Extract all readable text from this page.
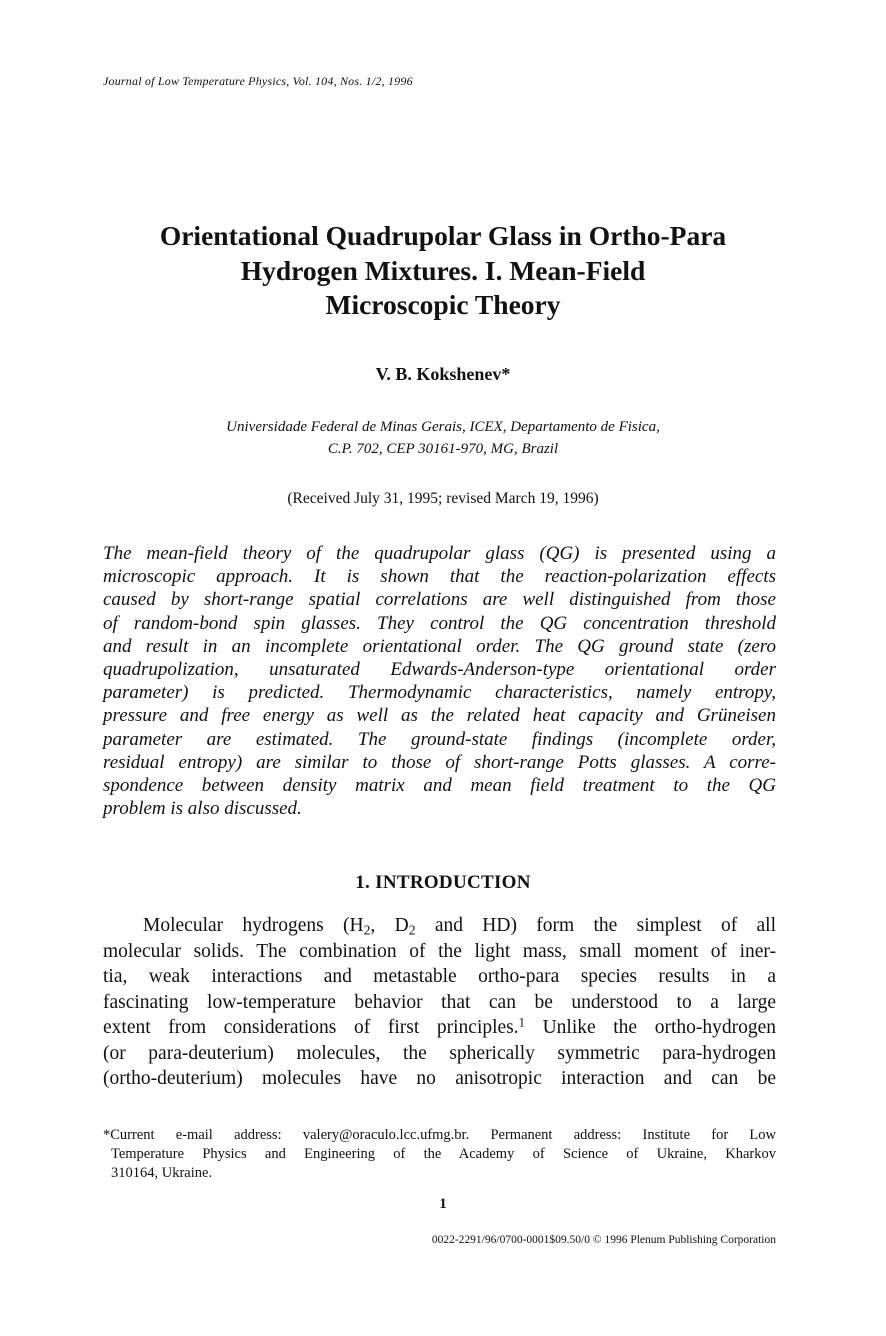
Journal of Low Temperature Physics, Vol. 104, Nos. 1/2, 1996
Orientational Quadrupolar Glass in Ortho-Para
Hydrogen Mixtures. I. Mean-Field
Microscopic Theory
V. B. Kokshenev*
Universidade Federal de Minas Gerais, ICEX, Departamento de Fisica,
C.P. 702, CEP 30161-970, MG, Brazil
(Received July 31, 1995; revised March 19, 1996)
The mean-field theory of the quadrupolar glass (QG) is presented using a
microscopic approach. It is shown that the reaction-polarization effects
caused by short-range spatial correlations are well distinguished from those
of random-bond spin glasses. They control the QG concentration threshold
and result in an incomplete orientational order. The QG ground state (zero
quadrupolization, unsaturated Edwards-Anderson-type orientational order
parameter) is predicted. Thermodynamic characteristics, namely entropy,
pressure and free energy as well as the related heat capacity and Grüneisen
parameter are estimated. The ground-state findings (incomplete order,
residual entropy) are similar to those of short-range Potts glasses. A corre-
spondence between density matrix and mean field treatment to the QG
problem is also discussed.
1. INTRODUCTION
Molecular hydrogens ($H_2$, $D_2$ and HD) form the simplest of all
molecular solids. The combination of the light mass, small moment of iner-
tia, weak interactions and metastable ortho-para species results in a
fascinating low-temperature behavior that can be understood to a large
extent from considerations of first principles.$^1$ Unlike the ortho-hydrogen
(or para-deuterium) molecules, the spherically symmetric para-hydrogen
(ortho-deuterium) molecules have no anisotropic interaction and can be
*Current e-mail address: valery@oraculo.lcc.ufmg.br. Permanent address: Institute for Low
Temperature Physics and Engineering of the Academy of Science of Ukraine, Kharkov
310164, Ukraine.
1
0022-2291/96/0700-0001$09.50/0 © 1996 Plenum Publishing Corporation
